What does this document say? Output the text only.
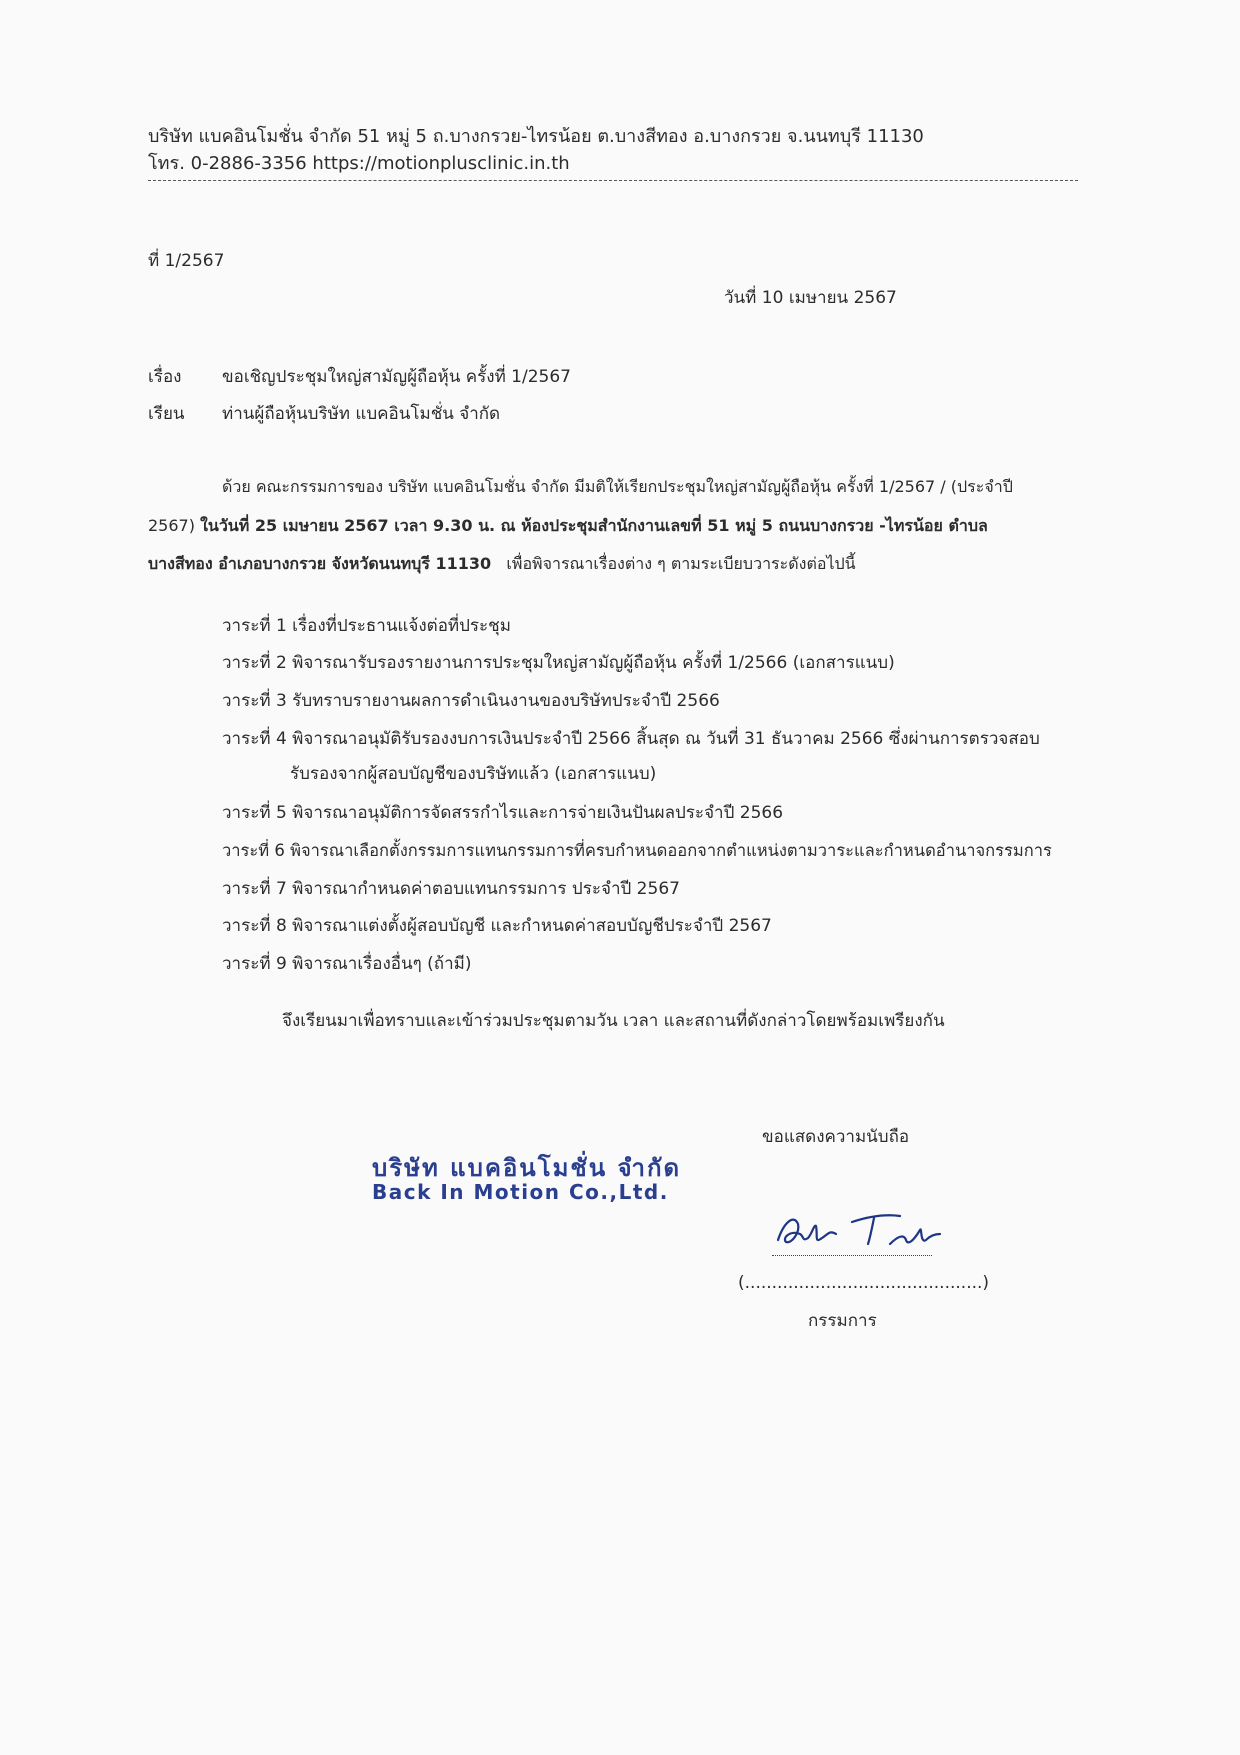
บริษัท แบคอินโมชั่น จำกัด 51 หมู่ 5 ถ.บางกรวย-ไทรน้อย ต.บางสีทอง อ.บางกรวย จ.นนทบุรี 11130
โทร. 0-2886-3356 https://motionplusclinic.in.th
ที่ 1/2567
วันที่ 10 เมษายน 2567
เรื่อง ขอเชิญประชุมใหญ่สามัญผู้ถือหุ้น ครั้งที่ 1/2567
เรียน ท่านผู้ถือหุ้นบริษัท แบคอินโมชั่น จำกัด
ด้วย คณะกรรมการของ บริษัท แบคอินโมชั่น จำกัด มีมติให้เรียกประชุมใหญ่สามัญผู้ถือหุ้น ครั้งที่ 1/2567 / (ประจำปี
2567) ในวันที่ 25 เมษายน 2567 เวลา 9.30 น. ณ ห้องประชุมสำนักงานเลขที่ 51 หมู่ 5 ถนนบางกรวย -ไทรน้อย ตำบล
บางสีทอง อำเภอบางกรวย จังหวัดนนทบุรี 11130 เพื่อพิจารณาเรื่องต่าง ๆ ตามระเบียบวาระดังต่อไปนี้
วาระที่ 1 เรื่องที่ประธานแจ้งต่อที่ประชุม
วาระที่ 2 พิจารณารับรองรายงานการประชุมใหญ่สามัญผู้ถือหุ้น ครั้งที่ 1/2566 (เอกสารแนบ)
วาระที่ 3 รับทราบรายงานผลการดำเนินงานของบริษัทประจำปี 2566
วาระที่ 4 พิจารณาอนุมัติรับรองงบการเงินประจำปี 2566 สิ้นสุด ณ วันที่ 31 ธันวาคม 2566 ซึ่งผ่านการตรวจสอบ
รับรองจากผู้สอบบัญชีของบริษัทแล้ว (เอกสารแนบ)
วาระที่ 5 พิจารณาอนุมัติการจัดสรรกำไรและการจ่ายเงินปันผลประจำปี 2566
วาระที่ 6 พิจารณาเลือกตั้งกรรมการแทนกรรมการที่ครบกำหนดออกจากตำแหน่งตามวาระและกำหนดอำนาจกรรมการ
วาระที่ 7 พิจารณากำหนดค่าตอบแทนกรรมการ ประจำปี 2567
วาระที่ 8 พิจารณาแต่งตั้งผู้สอบบัญชี และกำหนดค่าสอบบัญชีประจำปี 2567
วาระที่ 9 พิจารณาเรื่องอื่นๆ (ถ้ามี)
จึงเรียนมาเพื่อทราบและเข้าร่วมประชุมตามวัน เวลา และสถานที่ดังกล่าวโดยพร้อมเพรียงกัน
ขอแสดงความนับถือ
บริษัท แบคอินโมชั่น จำกัด
Back In Motion Co.,Ltd.
(............................................)
กรรมการ
